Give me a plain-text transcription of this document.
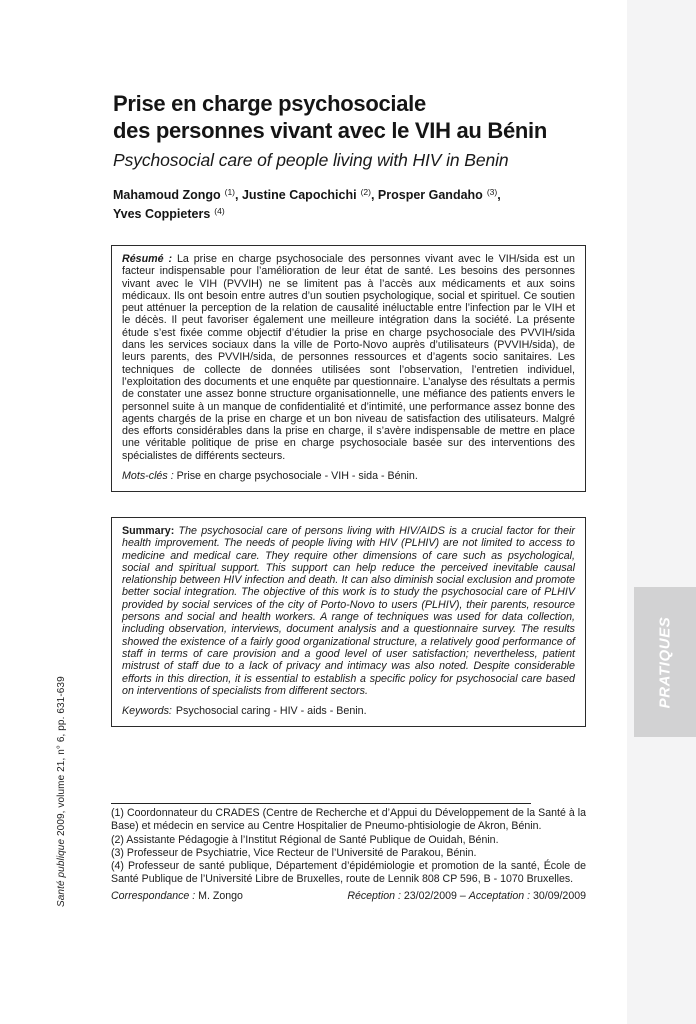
PRATIQUES
Santé publique 2009, volume 21, n° 6, pp. 631-639
Prise en charge psychosociale
des personnes vivant avec le VIH au Bénin
Psychosocial care of people living with HIV in Benin
Mahamoud Zongo $^{(1)}$, Justine Capochichi $^{(2)}$, Prosper Gandaho $^{(3)}$,
Yves Coppieters $^{(4)}$

Résumé : La prise en charge psychosociale des personnes vivant avec le VIH/sida est un facteur indispensable pour l’amélioration de leur état de santé. Les besoins des personnes vivant avec le VIH (PVVIH) ne se limitent pas à l’accès aux médicaments et aux soins médicaux. Ils ont besoin entre autres d’un soutien psychologique, social et spirituel. Ce soutien peut atténuer la perception de la relation de causalité inéluctable entre l’infection par le VIH et le décès. Il peut favoriser également une meilleure intégration dans la société. La présente étude s’est fixée comme objectif d’étudier la prise en charge psychosociale des PVVIH/sida dans les services sociaux dans la ville de Porto-Novo auprès d’utilisateurs (PVVIH/sida), de leurs parents, des PVVIH/sida, de personnes ressources et d’agents socio sanitaires. Les techniques de collecte de données utilisées sont l’observation, l’entretien individuel, l’exploitation des documents et une enquête par questionnaire. L’analyse des résultats a permis de constater une assez bonne structure organisationnelle, une méfiance des patients envers le personnel suite à un manque de confidentialité et d’intimité, une performance assez bonne des agents chargés de la prise en charge et un bon niveau de satisfaction des utilisateurs. Malgré des efforts considérables dans la prise en charge, il s’avère indispensable de mettre en place une véritable politique de prise en charge psychosociale basée sur des interventions des spécialistes de différents secteurs.

Mots-clés : Prise en charge psychosociale - VIH - sida - Bénin.

Summary: The psychosocial care of persons living with HIV/AIDS is a crucial factor for their health improvement. The needs of people living with HIV (PLHIV) are not limited to access to medicine and medical care. They require other dimensions of care such as psychological, social and spiritual support. This support can help reduce the perceived inevitable causal relationship between HIV infection and death. It can also diminish social exclusion and promote better social integration. The objective of this work is to study the psychosocial care of PLHIV provided by social services of the city of Porto-Novo to users (PLHIV), their parents, resource persons and social and health workers. A range of techniques was used for data collection, including observation, interviews, document analysis and a questionnaire survey. The results showed the existence of a fairly good organizational structure, a relatively good performance of staff in terms of care provision and a good level of user satisfaction; nevertheless, patient mistrust of staff due to a lack of privacy and intimacy was also noted. Despite considerable efforts in this direction, it is essential to establish a specific policy for psychosocial care based on interventions of specialists from different sectors.

Keywords: Psychosocial caring - HIV - aids - Benin.

(1) Coordonnateur du CRADES (Centre de Recherche et d’Appui du Développement de la Santé à la Base) et médecin en service au Centre Hospitalier de Pneumo-phtisiologie de Akron, Bénin.

(2) Assistante Pédagogie à l’Institut Régional de Santé Publique de Ouidah, Bénin.

(3) Professeur de Psychiatrie, Vice Recteur de l’Université de Parakou, Bénin.

(4) Professeur de santé publique, Département d’épidémiologie et promotion de la santé, École de Santé Publique de l’Université Libre de Bruxelles, route de Lennik 808 CP 596, B - 1070 Bruxelles.

Correspondance : M. Zongo	Réception : 23/02/2009 – Acceptation : 30/09/2009
